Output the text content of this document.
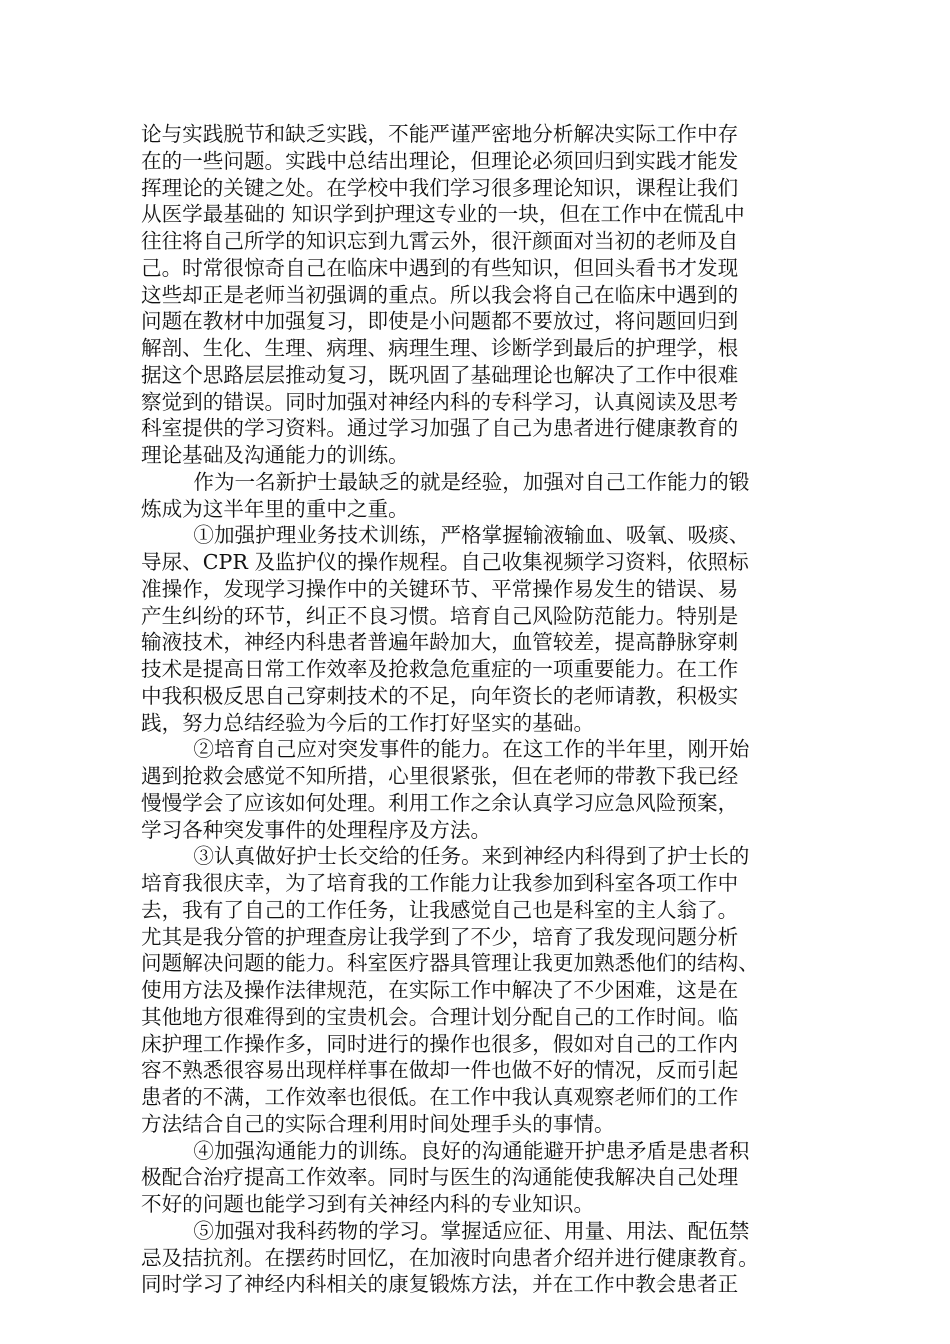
论与实践脱节和缺乏实践，不能严谨严密地分析解决实际工作中存
在的一些问题。实践中总结出理论，但理论必须回归到实践才能发
挥理论的关键之处。在学校中我们学习很多理论知识，课程让我们
从医学最基础的 知识学到护理这专业的一块，但在工作中在慌乱中
往往将自己所学的知识忘到九霄云外，很汗颜面对当初的老师及自
己。时常很惊奇自己在临床中遇到的有些知识，但回头看书才发现
这些却正是老师当初强调的重点。所以我会将自己在临床中遇到的
问题在教材中加强复习，即使是小问题都不要放过，将问题回归到
解剖、生化、生理、病理、病理生理、诊断学到最后的护理学，根
据这个思路层层推动复习，既巩固了基础理论也解决了工作中很难
察觉到的错误。同时加强对神经内科的专科学习，认真阅读及思考
科室提供的学习资料。通过学习加强了自己为患者进行健康教育的
理论基础及沟通能力的训练。
作为一名新护士最缺乏的就是经验，加强对自己工作能力的锻
炼成为这半年里的重中之重。
①加强护理业务技术训练，严格掌握输液输血、吸氧、吸痰、
导尿、CPR 及监护仪的操作规程。自己收集视频学习资料，依照标
准操作，发现学习操作中的关键环节、平常操作易发生的错误、易
产生纠纷的环节，纠正不良习惯。培育自己风险防范能力。特别是
输液技术，神经内科患者普遍年龄加大，血管较差，提高静脉穿刺
技术是提高日常工作效率及抢救急危重症的一项重要能力。在工作
中我积极反思自己穿刺技术的不足，向年资长的老师请教，积极实
践，努力总结经验为今后的工作打好坚实的基础。
②培育自己应对突发事件的能力。在这工作的半年里，刚开始
遇到抢救会感觉不知所措，心里很紧张，但在老师的带教下我已经
慢慢学会了应该如何处理。利用工作之余认真学习应急风险预案，
学习各种突发事件的处理程序及方法。
③认真做好护士长交给的任务。来到神经内科得到了护士长的
培育我很庆幸，为了培育我的工作能力让我参加到科室各项工作中
去，我有了自己的工作任务，让我感觉自己也是科室的主人翁了。
尤其是我分管的护理查房让我学到了不少，培育了我发现问题分析
问题解决问题的能力。科室医疗器具管理让我更加熟悉他们的结构、
使用方法及操作法律规范，在实际工作中解决了不少困难，这是在
其他地方很难得到的宝贵机会。合理计划分配自己的工作时间。临
床护理工作操作多，同时进行的操作也很多，假如对自己的工作内
容不熟悉很容易出现样样事在做却一件也做不好的情况，反而引起
患者的不满，工作效率也很低。在工作中我认真观察老师们的工作
方法结合自己的实际合理利用时间处理手头的事情。
④加强沟通能力的训练。良好的沟通能避开护患矛盾是患者积
极配合治疗提高工作效率。同时与医生的沟通能使我解决自己处理
不好的问题也能学习到有关神经内科的专业知识。
⑤加强对我科药物的学习。掌握适应征、用量、用法、配伍禁
忌及拮抗剂。在摆药时回忆，在加液时向患者介绍并进行健康教育。
同时学习了神经内科相关的康复锻炼方法，并在工作中教会患者正
